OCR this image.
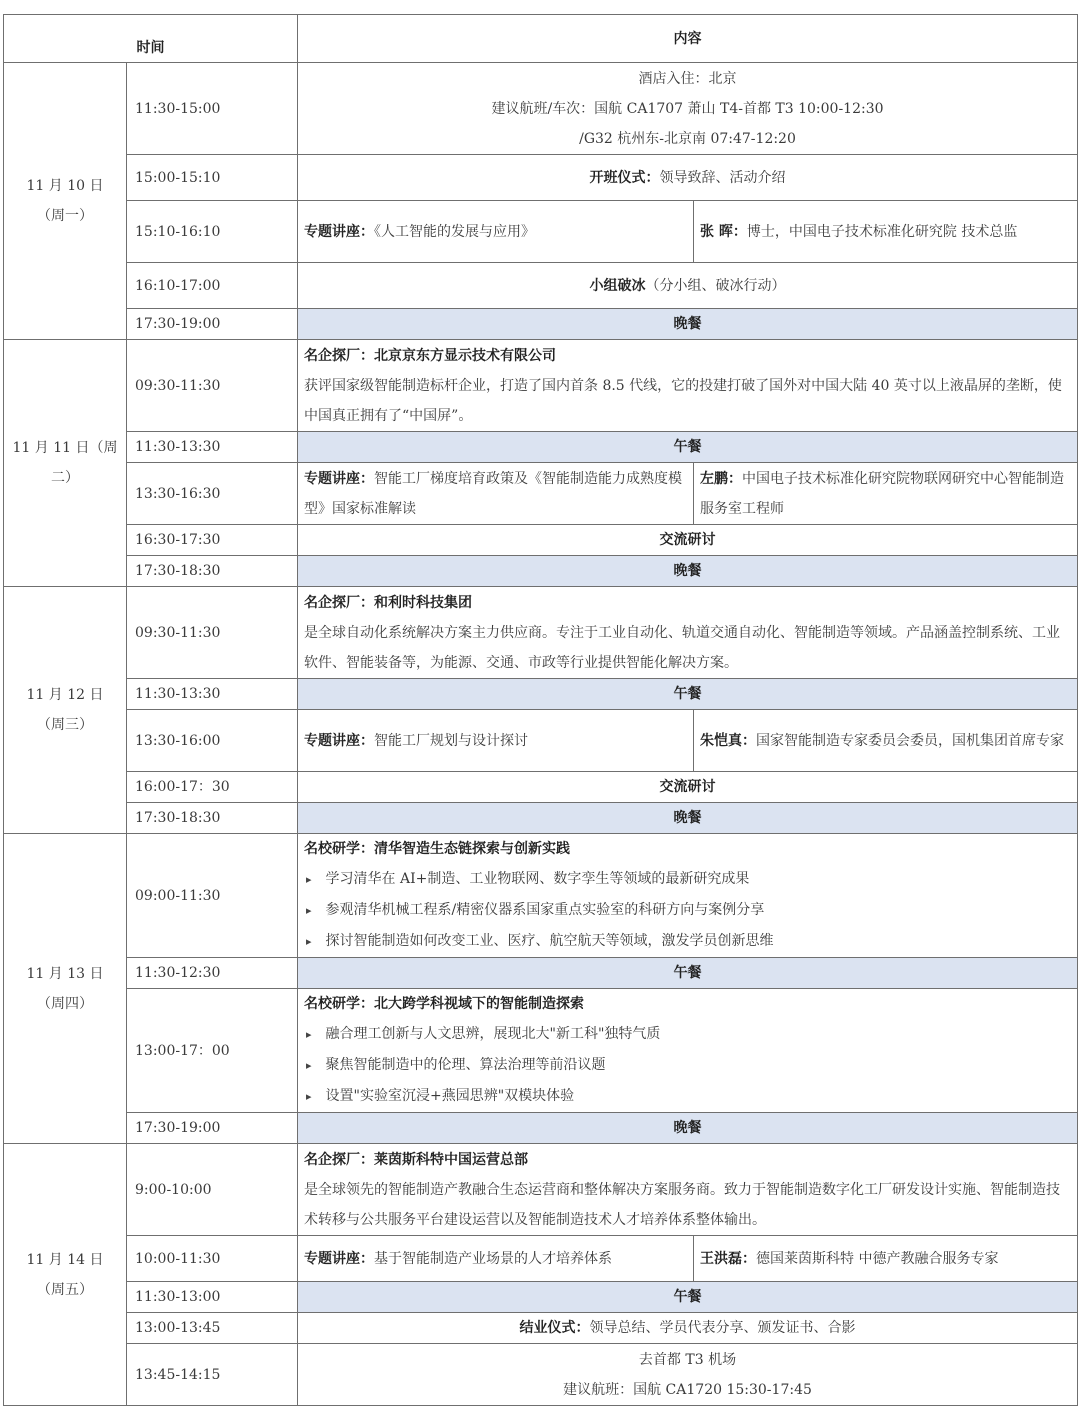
时间		内容	

11 月 10 日
（周一）	11:30-15:00	酒店入住：北京
建议航班/车次：国航 CA1707 萧山 T4-首都 T3 10:00-12:30
/G32 杭州东-北京南 07:47-12:20	

	15:00-15:10	开班仪式：领导致辞、活动介绍	
	15:10-16:10	专题讲座：《人工智能的发展与应用》	张 晖：博士，中国电子技术标准化研究院 技术总监
	16:10-17:00	小组破冰（分小组、破冰行动）	
	17:30-19:00	晚餐	

11 月 11 日（周
二）	09:30-11:30	名企探厂：北京京东方显示技术有限公司
获评国家级智能制造标杆企业，打造了国内首条 8.5 代线，它的投建打破了国外对中国大陆 40 英寸以上液晶屏的垄断，使中国真正拥有了“中国屏”。	

	11:30-13:30	午餐	
	13:30-16:30	专题讲座：智能工厂梯度培育政策及《智能制造能力成熟度模型》国家标准解读	左鹏：中国电子技术标准化研究院物联网研究中心智能制造服务室工程师
	16:30-17:30	交流研讨	
	17:30-18:30	晚餐	

11 月 12 日
（周三）	09:30-11:30	名企探厂：和利时科技集团
是全球自动化系统解决方案主力供应商。专注于工业自动化、轨道交通自动化、智能制造等领域。产品涵盖控制系统、工业软件、智能装备等，为能源、交通、市政等行业提供智能化解决方案。	

	11:30-13:30	午餐	
	13:30-16:00	专题讲座：智能工厂规划与设计探讨	朱恺真：国家智能制造专家委员会委员，国机集团首席专家
	16:00-17：30	交流研讨	
	17:30-18:30	晚餐	

11 月 13 日
（周四）	09:00-11:30	名校研学：清华智造生态链探索与创新实践
▸ 学习清华在 AI+制造、工业物联网、数字孪生等领域的最新研究成果
▸ 参观清华机械工程系/精密仪器系国家重点实验室的科研方向与案例分享
▸ 探讨智能制造如何改变工业、医疗、航空航天等领域，激发学员创新思维

	11:30-12:30	午餐	
	13:00-17：00	名校研学：北大跨学科视域下的智能制造探索
▸ 融合理工创新与人文思辨，展现北大"新工科"独特气质
▸ 聚焦智能制造中的伦理、算法治理等前沿议题
▸ 设置"实验室沉浸+燕园思辨"双模块体验

	17:30-19:00	晚餐	

11 月 14 日
（周五）	9:00-10:00	名企探厂：莱茵斯科特中国运营总部
是全球领先的智能制造产教融合生态运营商和整体解决方案服务商。致力于智能制造数字化工厂研发设计实施、智能制造技术转移与公共服务平台建设运营以及智能制造技术人才培养体系整体输出。	

	10:00-11:30	专题讲座：基于智能制造产业场景的人才培养体系	王洪磊：德国莱茵斯科特 中德产教融合服务专家
	11:30-13:00	午餐	
	13:00-13:45	结业仪式：领导总结、学员代表分享、颁发证书、合影	
	13:45-14:15	去首都 T3 机场
建议航班：国航 CA1720 15:30-17:45	
